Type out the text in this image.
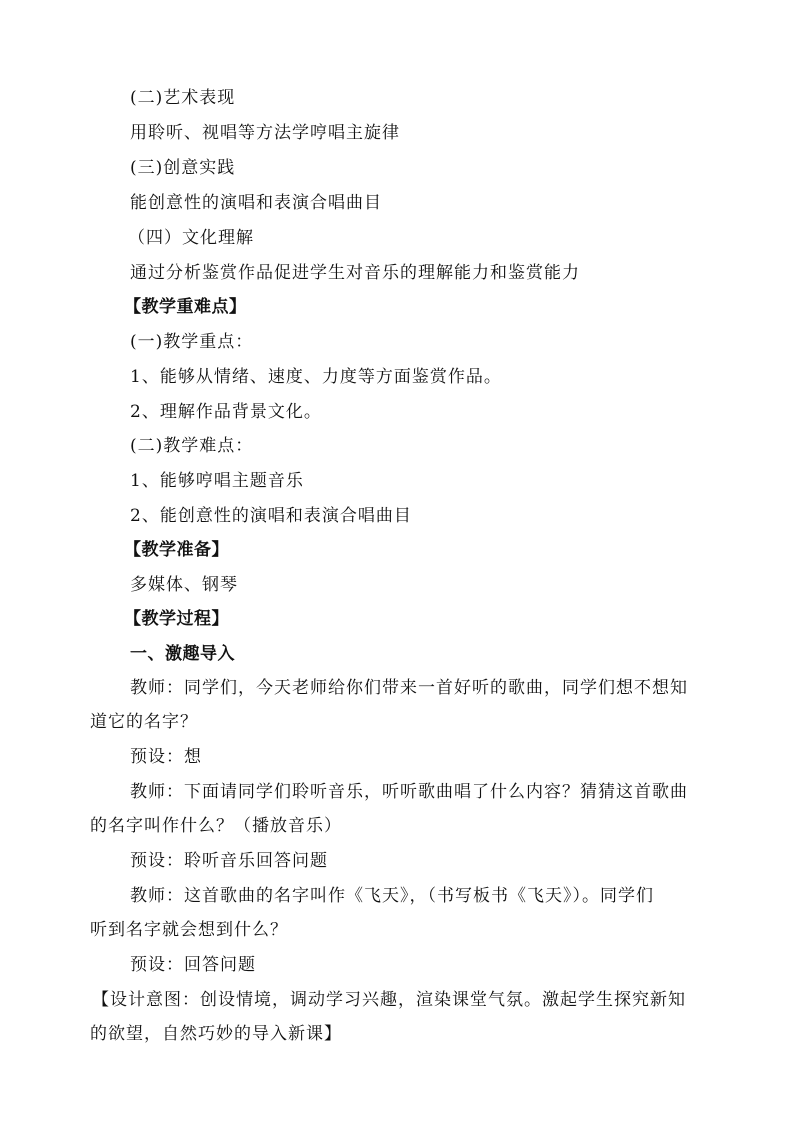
(二)艺术表现
用聆听、视唱等方法学哼唱主旋律
(三)创意实践
能创意性的演唱和表演合唱曲目
（四）文化理解
通过分析鉴赏作品促进学生对音乐的理解能力和鉴赏能力
【教学重难点】
(一)教学重点：
1、能够从情绪、速度、力度等方面鉴赏作品。
2、理解作品背景文化。
(二)教学难点：
1、能够哼唱主题音乐
2、能创意性的演唱和表演合唱曲目
【教学准备】
多媒体、钢琴
【教学过程】
一、激趣导入
教师：同学们，今天老师给你们带来一首好听的歌曲，同学们想不想知
道它的名字？
预设：想
教师：下面请同学们聆听音乐，听听歌曲唱了什么内容？猜猜这首歌曲
的名字叫作什么？（播放音乐）
预设：聆听音乐回答问题
教师：这首歌曲的名字叫作《飞天》，（书写板书《飞天》）。同学们
听到名字就会想到什么？
预设：回答问题
【设计意图：创设情境，调动学习兴趣，渲染课堂气氛。激起学生探究新知
的欲望，自然巧妙的导入新课】
